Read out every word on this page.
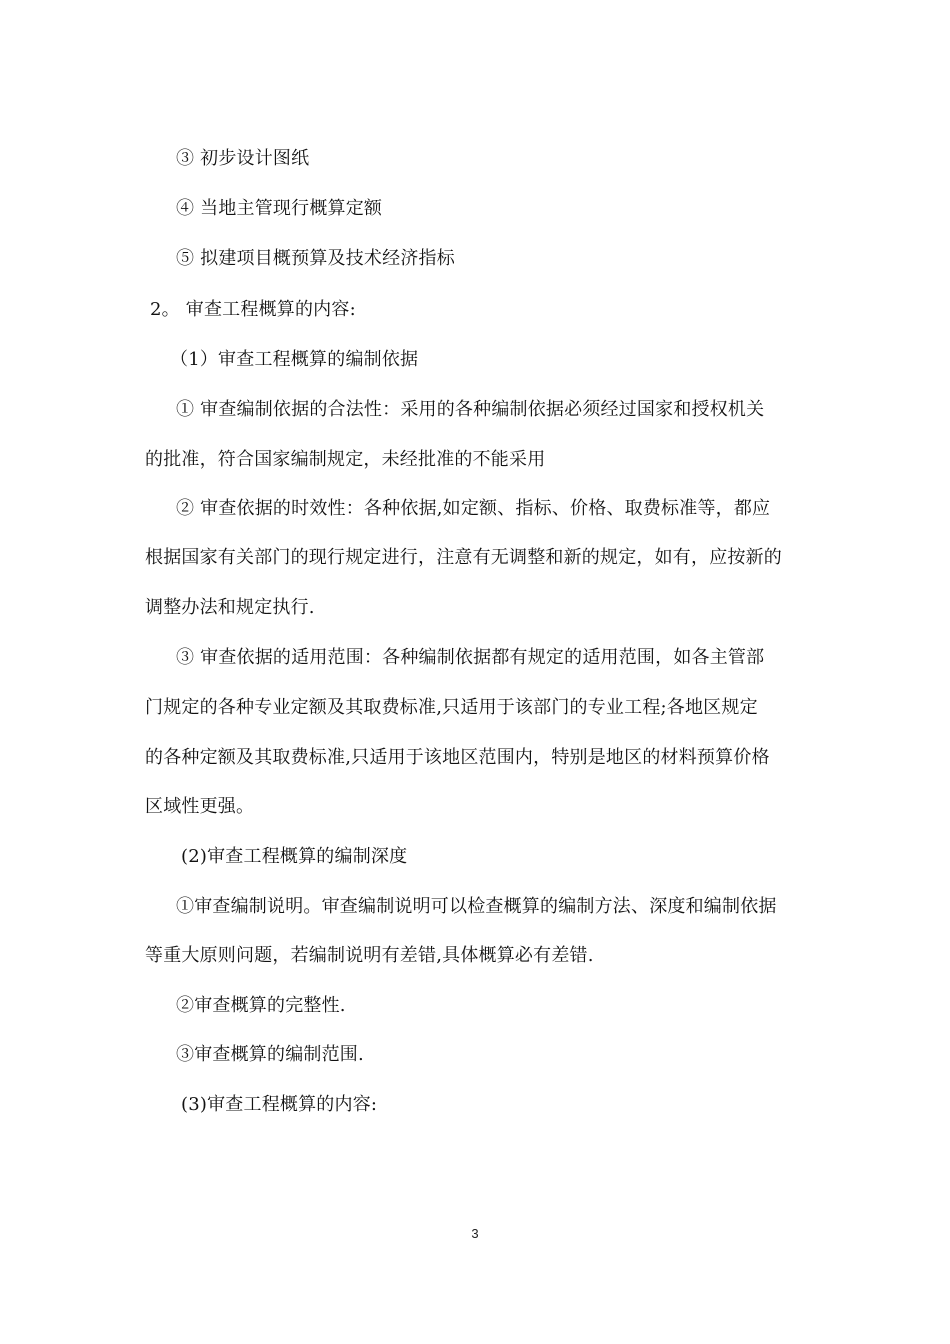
③ 初步设计图纸
④ 当地主管现行概算定额
⑤ 拟建项目概预算及技术经济指标
2。 审查工程概算的内容:
（1）审查工程概算的编制依据
① 审查编制依据的合法性：采用的各种编制依据必须经过国家和授权机关
的批准，符合国家编制规定，未经批准的不能采用
② 审查依据的时效性：各种依据,如定额、指标、价格、取费标准等，都应
根据国家有关部门的现行规定进行，注意有无调整和新的规定，如有，应按新的
调整办法和规定执行.
③ 审查依据的适用范围：各种编制依据都有规定的适用范围，如各主管部
门规定的各种专业定额及其取费标准,只适用于该部门的专业工程;各地区规定
的各种定额及其取费标准,只适用于该地区范围内，特别是地区的材料预算价格
区域性更强。
(2)审查工程概算的编制深度
①审查编制说明。审查编制说明可以检查概算的编制方法、深度和编制依据
等重大原则问题，若编制说明有差错,具体概算必有差错.
②审查概算的完整性.
③审查概算的编制范围.
(3)审查工程概算的内容:
3
